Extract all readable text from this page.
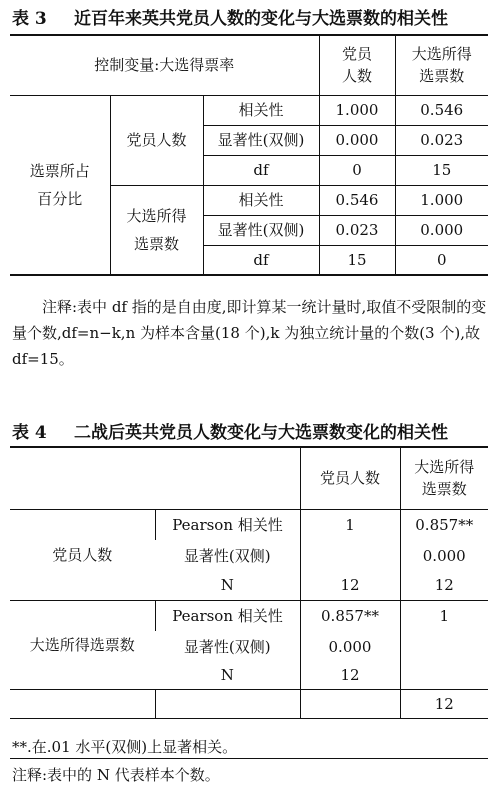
表 3 近百年来英共党员人数的变化与大选票数的相关性
控制变量:大选得票率			党员人数	大选所得选票数

选票所占百分比	党员人数	相关性	1.000	0.546
		显著性(双侧)	0.000	0.023
		df	0	15

	大选所得选票数	相关性	0.546	1.000
		显著性(双侧)	0.023	0.000
		df	15	0
注释:表中 df 指的是自由度,即计算某一统计量时,取值不受限制的变量个数,df=n−k,n 为样本含量(18 个),k 为独立统计量的个数(3 个),故 df=15。
表 4 二战后英共党员人数变化与大选票数变化的相关性
		党员人数	大选所得选票数

党员人数	Pearson 相关性	1	0.857**
	显著性(双侧)		0.000
	N	12	12
大选所得选票数	Pearson 相关性	0.857**	1
	显著性(双侧)	0.000	
	N	12	
			12
**.在.01 水平(双侧)上显著相关。
注释:表中的 N 代表样本个数。
